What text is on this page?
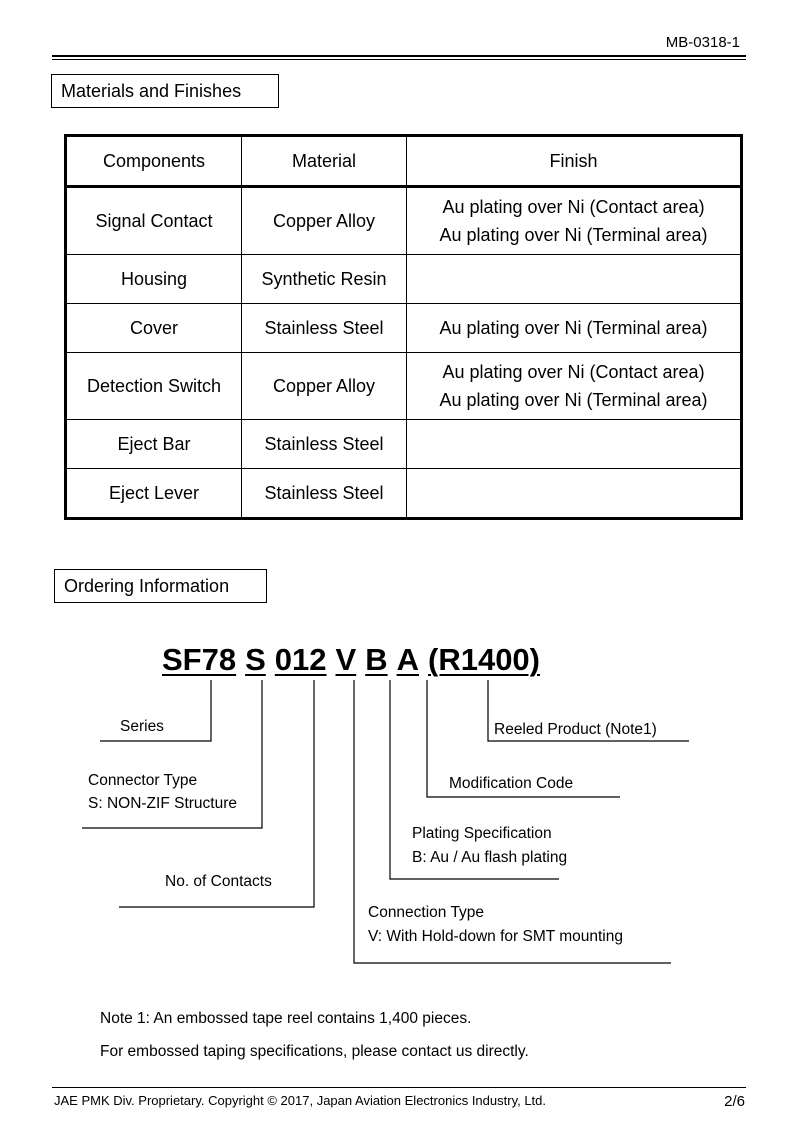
MB-0318-1
Materials and Finishes
Components	Material	Finish
Signal Contact	Copper Alloy	Au plating over Ni (Contact area)
Au plating over Ni (Terminal area)

Housing	Synthetic Resin	
Cover	Stainless Steel	Au plating over Ni (Terminal area)
Detection Switch	Copper Alloy	Au plating over Ni (Contact area)
Au plating over Ni (Terminal area)

Eject Bar	Stainless Steel	
Eject Lever	Stainless Steel	
Ordering Information
SF78 S 012 V B A (R1400)
Series
Connector Type
S: NON-ZIF Structure
No. of Contacts
Connection Type
V: With Hold-down for SMT mounting
Plating Specification
B: Au / Au flash plating
Modification Code
Reeled Product (Note1)
Note 1: An embossed tape reel contains 1,400 pieces.
For embossed taping specifications, please contact us directly.
JAE PMK Div. Proprietary. Copyright © 2017, Japan Aviation Electronics Industry, Ltd.	2/6
